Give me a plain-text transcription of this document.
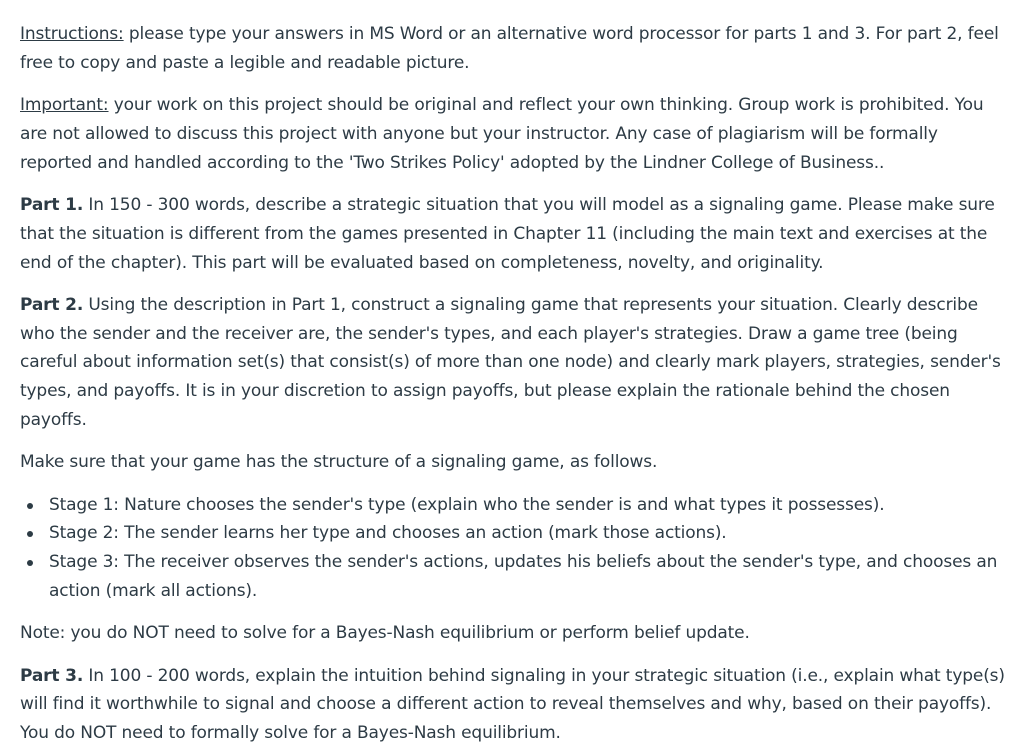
Instructions: please type your answers in MS Word or an alternative word processor for parts 1 and 3. For part 2, feel free to copy and paste a legible and readable picture.

Important: your work on this project should be original and reflect your own thinking. Group work is prohibited. You are not allowed to discuss this project with anyone but your instructor. Any case of plagiarism will be formally reported and handled according to the 'Two Strikes Policy' adopted by the Lindner College of Business..

Part 1. In 150 - 300 words, describe a strategic situation that you will model as a signaling game. Please make sure that the situation is different from the games presented in Chapter 11 (including the main text and exercises at the end of the chapter). This part will be evaluated based on completeness, novelty, and originality.

Part 2. Using the description in Part 1, construct a signaling game that represents your situation. Clearly describe who the sender and the receiver are, the sender's types, and each player's strategies. Draw a game tree (being careful about information set(s) that consist(s) of more than one node) and clearly mark players, strategies, sender's types, and payoffs. It is in your discretion to assign payoffs, but please explain the rationale behind the chosen payoffs.

Make sure that your game has the structure of a signaling game, as follows.

Stage 1: Nature chooses the sender's type (explain who the sender is and what types it possesses).
Stage 2: The sender learns her type and chooses an action (mark those actions).
Stage 3: The receiver observes the sender's actions, updates his beliefs about the sender's type, and chooses an action (mark all actions).

Note: you do NOT need to solve for a Bayes-Nash equilibrium or perform belief update.

Part 3. In 100 - 200 words, explain the intuition behind signaling in your strategic situation (i.e., explain what type(s) will find it worthwhile to signal and choose a different action to reveal themselves and why, based on their payoffs). You do NOT need to formally solve for a Bayes-Nash equilibrium.
